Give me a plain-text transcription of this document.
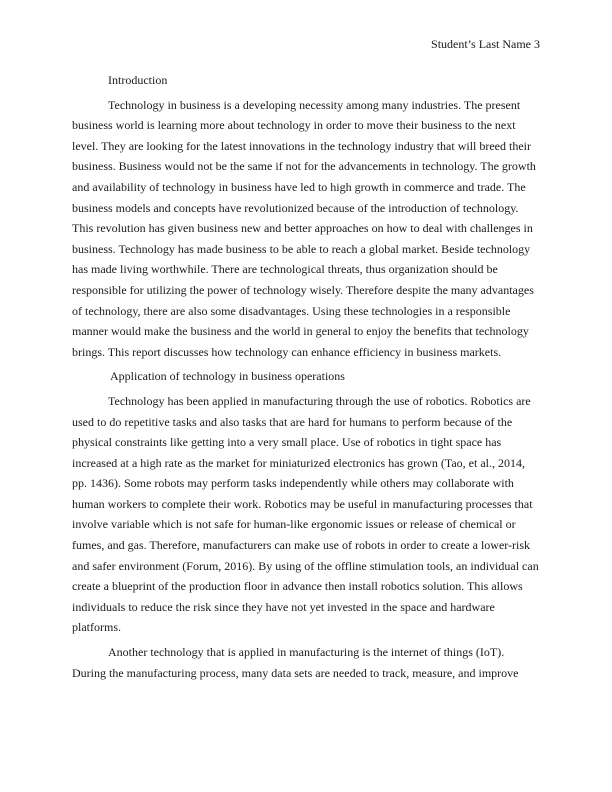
Student’s Last Name 3

Introduction

Technology in business is a developing necessity among many industries. The present business world is learning more about technology in order to move their business to the next level. They are looking for the latest innovations in the technology industry that will breed their business. Business would not be the same if not for the advancements in technology. The growth and availability of technology in business have led to high growth in commerce and trade. The business models and concepts have revolutionized because of the introduction of technology. This revolution has given business new and better approaches on how to deal with challenges in business. Technology has made business to be able to reach a global market. Beside technology has made living worthwhile. There are technological threats, thus organization should be responsible for utilizing the power of technology wisely. Therefore despite the many advantages of technology, there are also some disadvantages. Using these technologies in a responsible manner would make the business and the world in general to enjoy the benefits that technology brings. This report discusses how technology can enhance efficiency in business markets.

Application of technology in business operations

Technology has been applied in manufacturing through the use of robotics. Robotics are used to do repetitive tasks and also tasks that are hard for humans to perform because of the physical constraints like getting into a very small place. Use of robotics in tight space has increased at a high rate as the market for miniaturized electronics has grown (Tao, et al., 2014, pp. 1436). Some robots may perform tasks independently while others may collaborate with human workers to complete their work. Robotics may be useful in manufacturing processes that involve variable which is not safe for human-like ergonomic issues or release of chemical or fumes, and gas. Therefore, manufacturers can make use of robots in order to create a lower-risk and safer environment (Forum, 2016). By using of the offline stimulation tools, an individual can create a blueprint of the production floor in advance then install robotics solution. This allows individuals to reduce the risk since they have not yet invested in the space and hardware platforms.

Another technology that is applied in manufacturing is the internet of things (IoT). During the manufacturing process, many data sets are needed to track, measure, and improve
